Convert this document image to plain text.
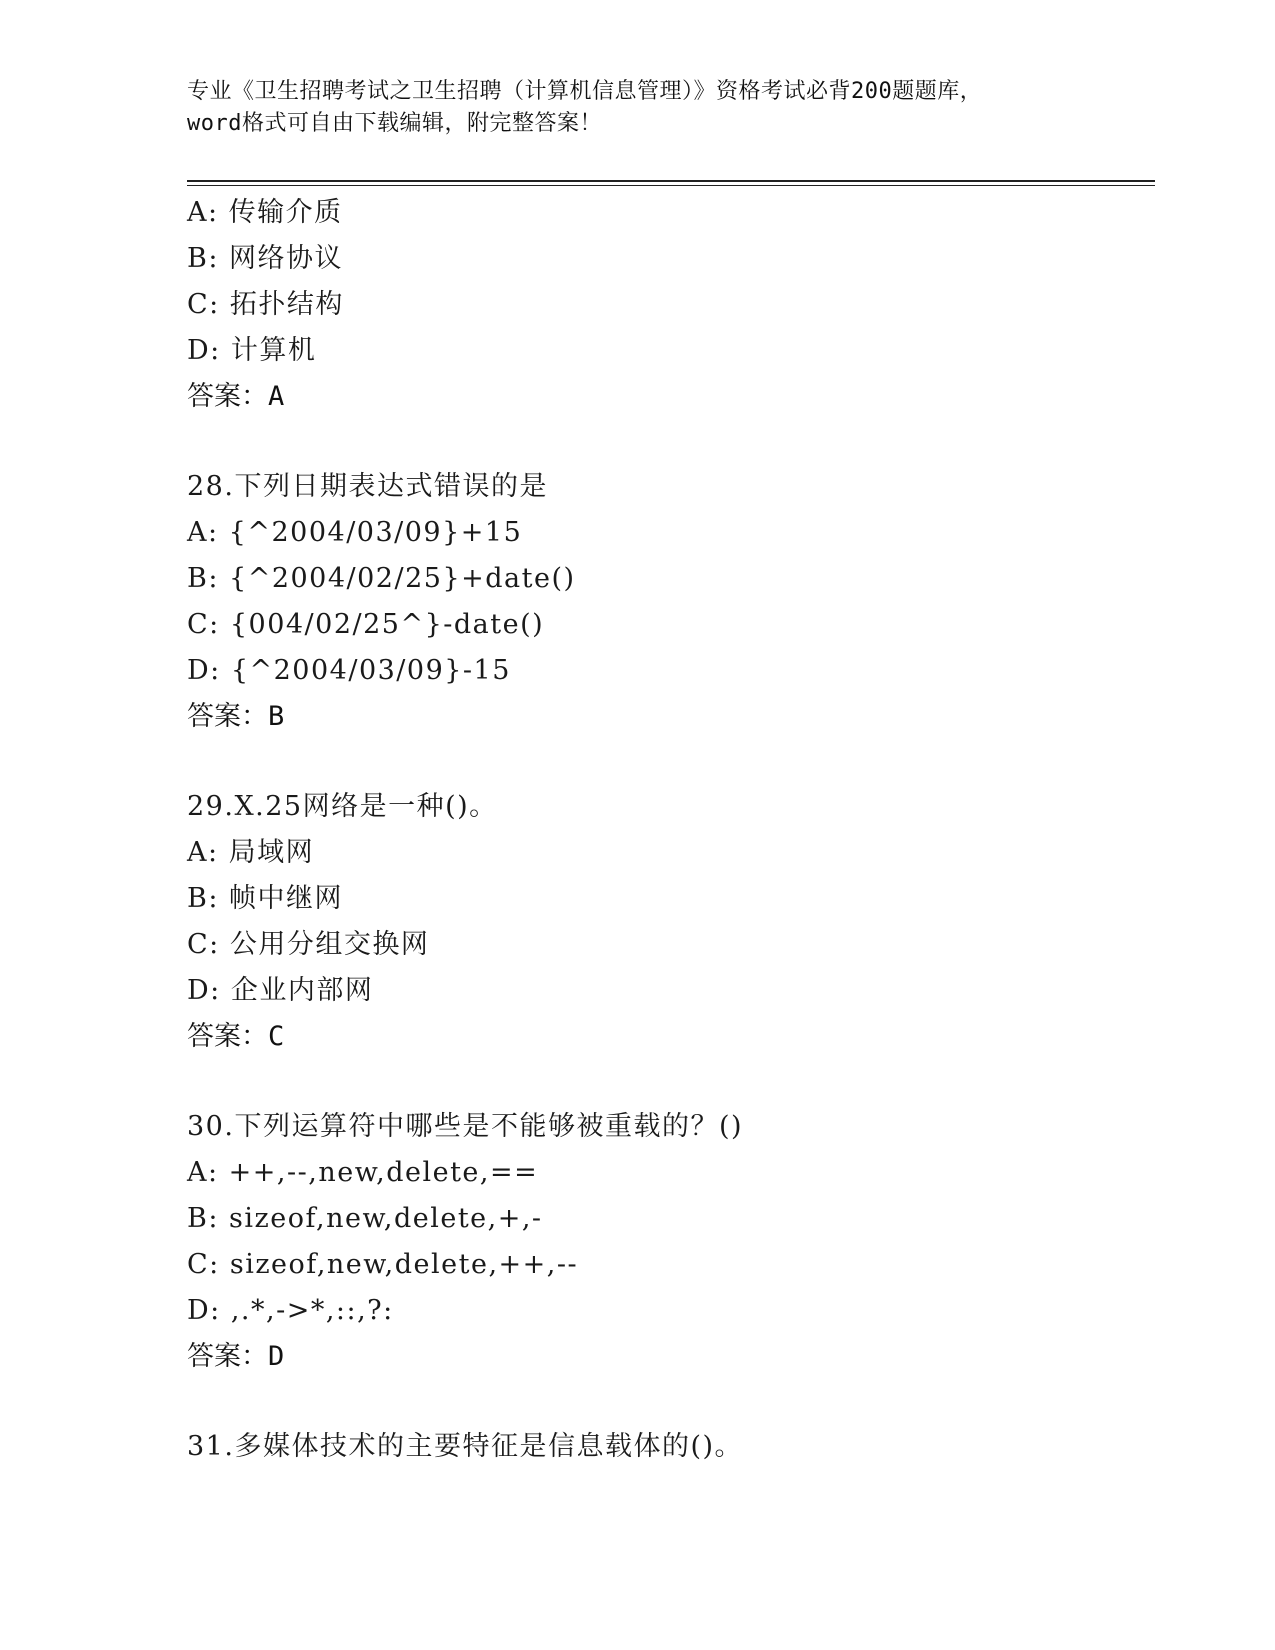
专业《卫生招聘考试之卫生招聘（计算机信息管理）》资格考试必背200题题库，
word格式可自由下载编辑，附完整答案！
A: 传输介质
B: 网络协议
C: 拓扑结构
D: 计算机
答案：A
28.下列日期表达式错误的是
A: {^2004/03/09}+15
B: {^2004/02/25}+date()
C: {004/02/25^}-date()
D: {^2004/03/09}-15
答案：B
29.X.25网络是一种()。
A: 局域网
B: 帧中继网
C: 公用分组交换网
D: 企业内部网
答案：C
30.下列运算符中哪些是不能够被重载的？()
A: ++,--,new,delete,==
B: sizeof,new,delete,+,-
C: sizeof,new,delete,++,--
D: ,.*,->*,::,?:
答案：D
31.多媒体技术的主要特征是信息载体的()。
